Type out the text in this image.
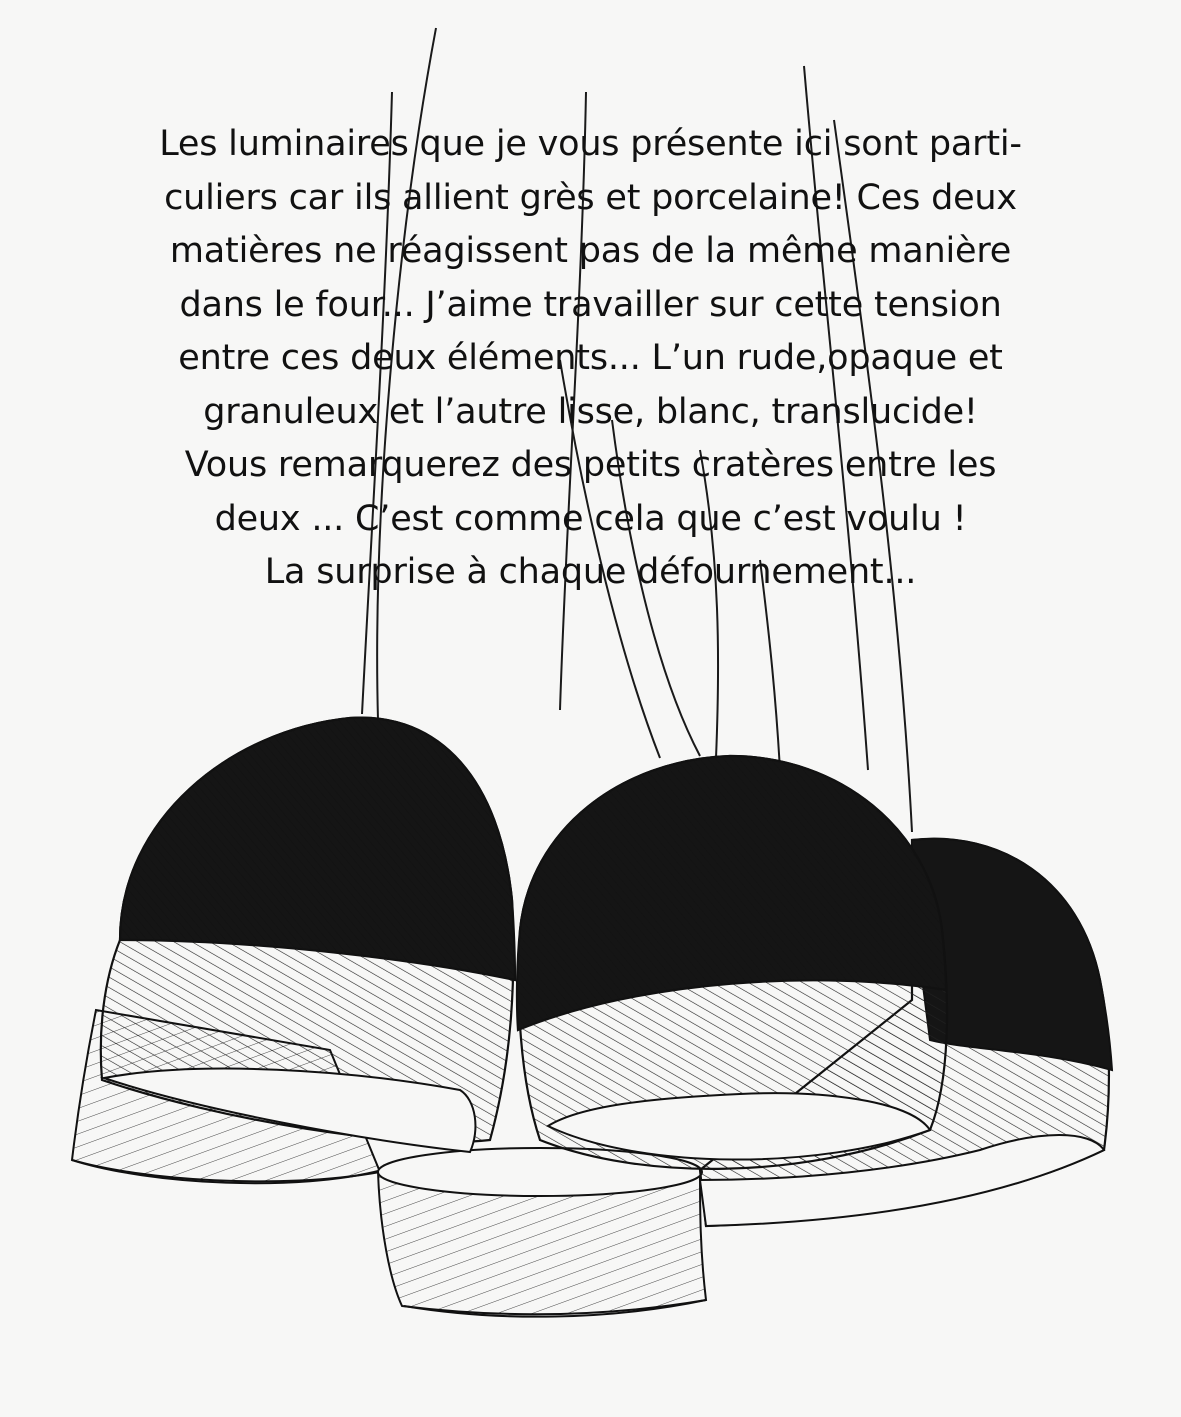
Les luminaires que je vous présente ici sont parti-
culiers car ils allient grès et porcelaine! Ces deux
matières ne réagissent pas de la même manière
dans le four... J’aime travailler sur cette tension
entre ces deux éléments... L’un rude,opaque et
granuleux et l’autre lisse, blanc, translucide!
Vous remarquerez des petits cratères entre les
deux ... C’est comme cela que c’est voulu !
La surprise à chaque défournement...
